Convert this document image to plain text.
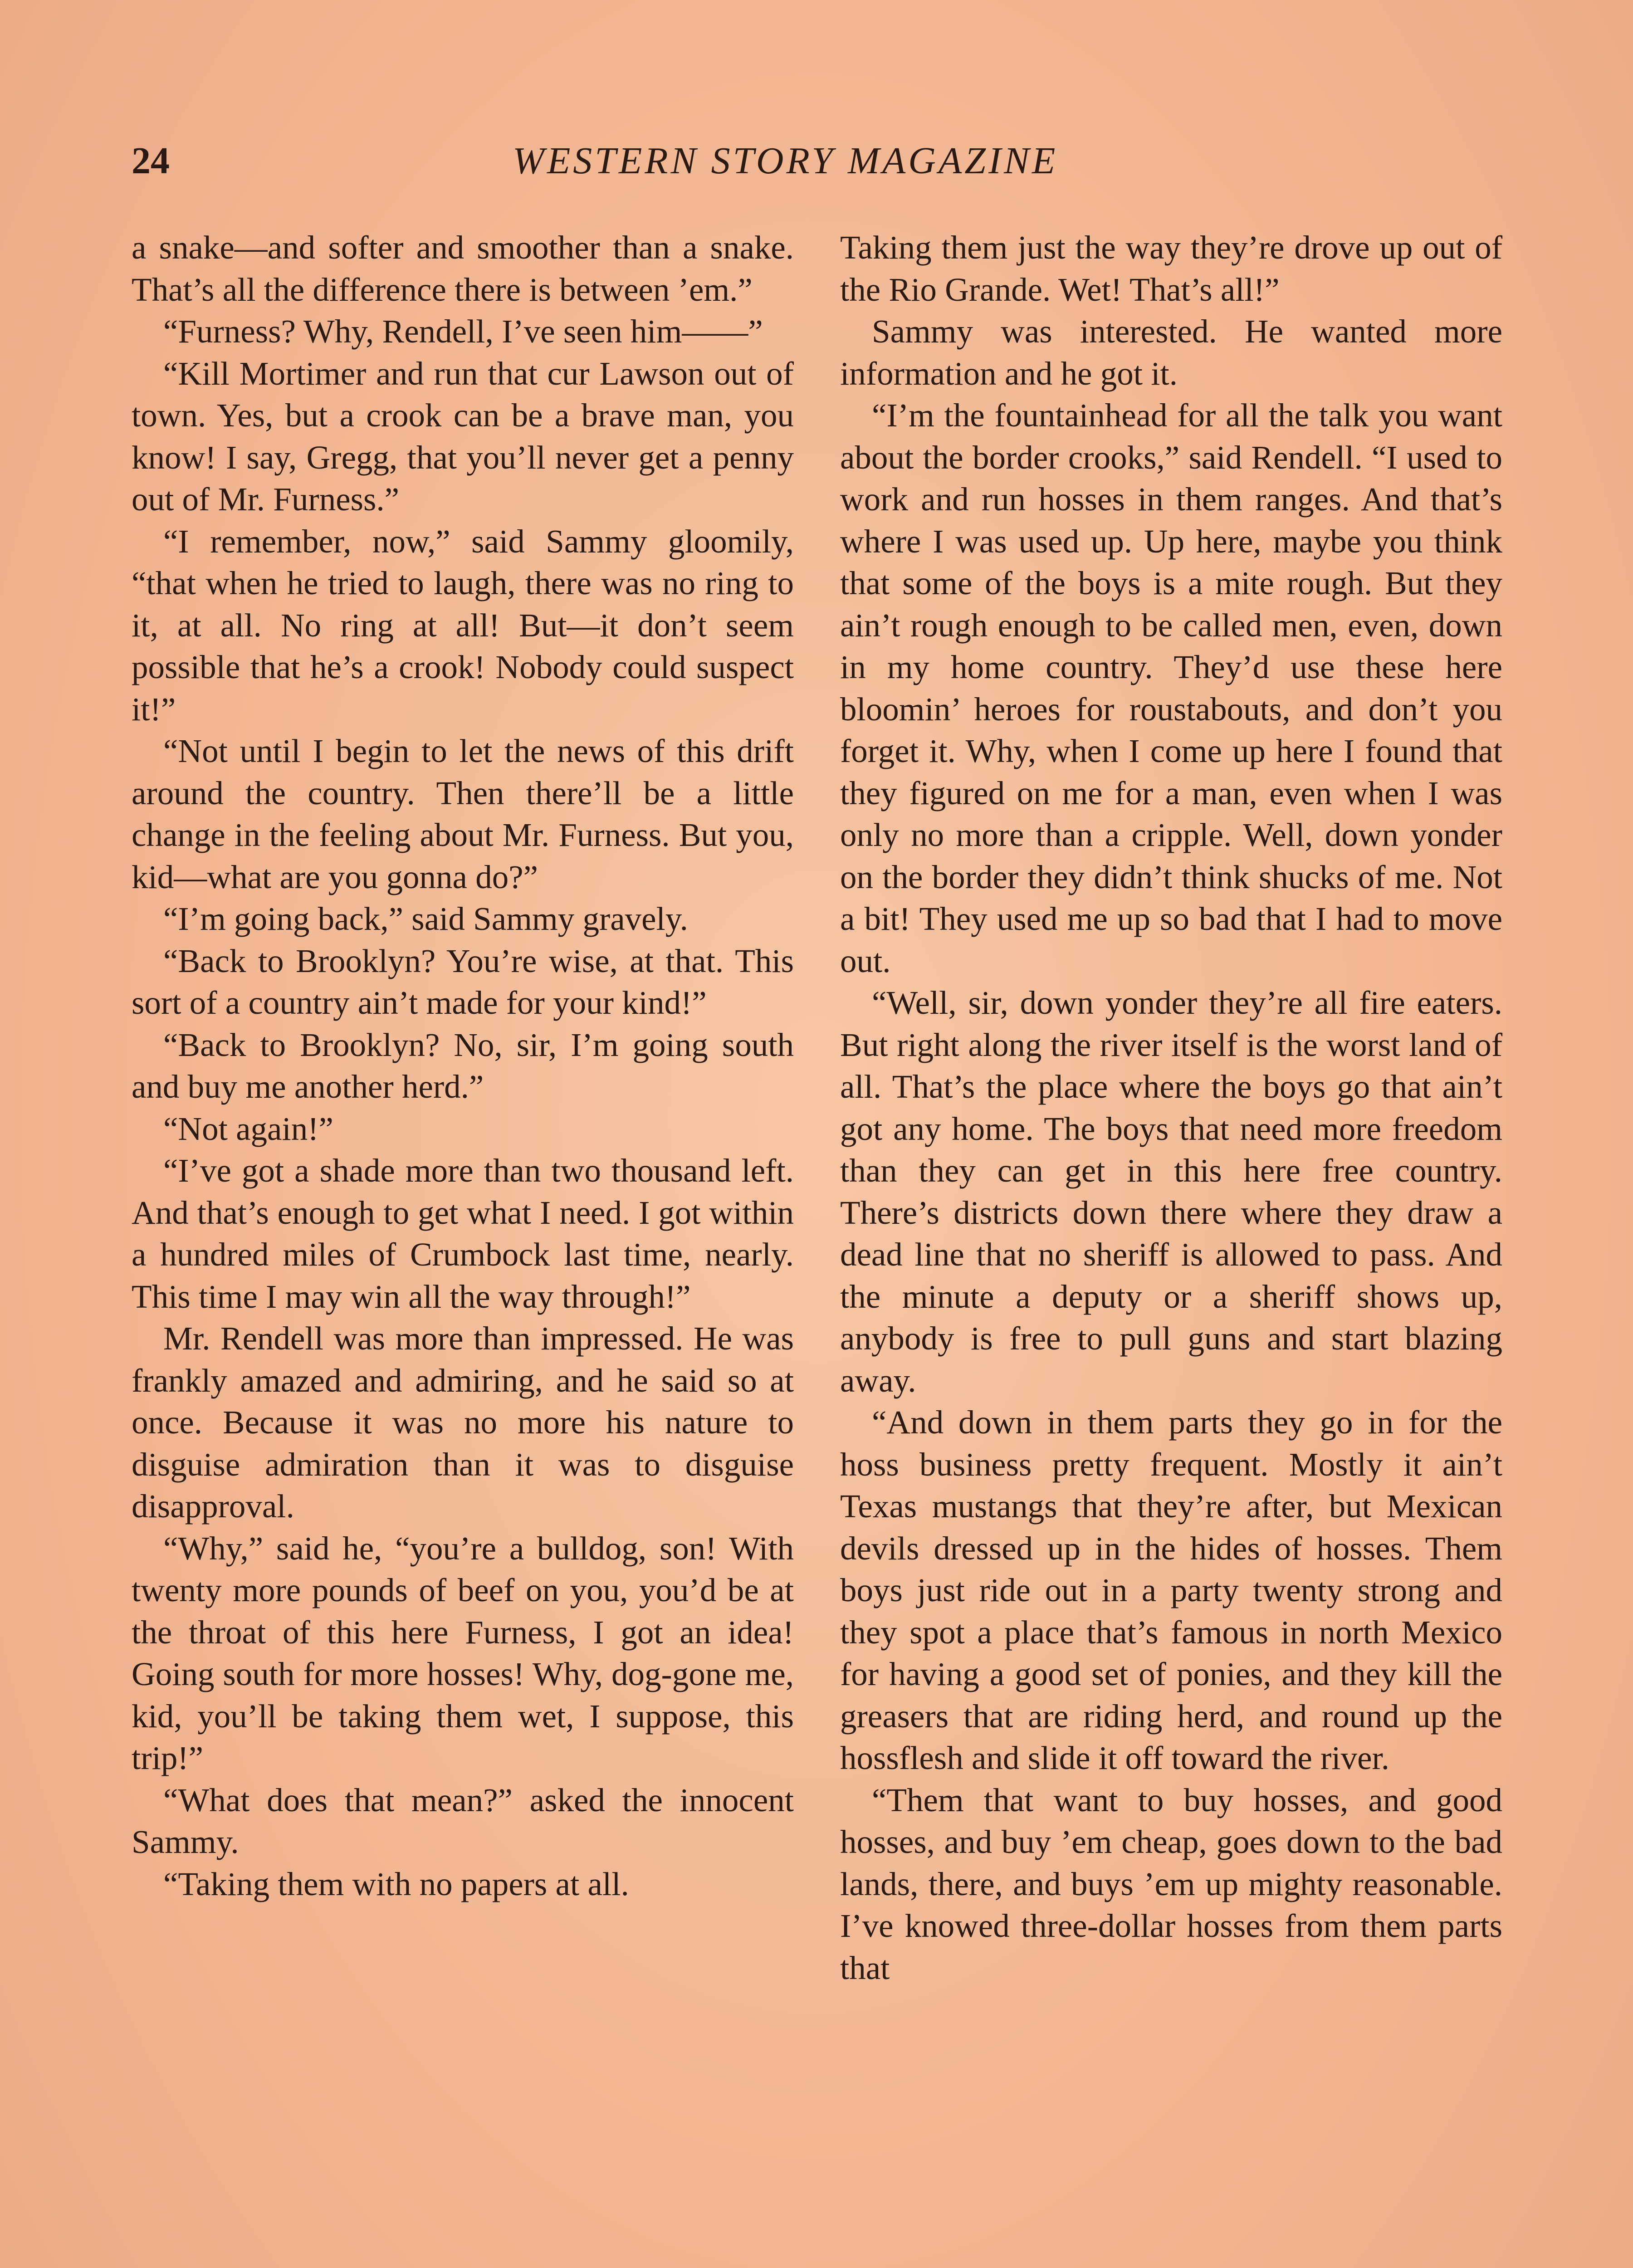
24	WESTERN STORY MAGAZINE

a snake—and softer and smoother than a snake. That’s all the difference there is between ’em.”

“Furness? Why, Rendell, I’ve seen him——”

“Kill Mortimer and run that cur Lawson out of town. Yes, but a crook can be a brave man, you know! I say, Gregg, that you’ll never get a penny out of Mr. Furness.”

“I remember, now,” said Sammy gloomily, “that when he tried to laugh, there was no ring to it, at all. No ring at all! But—it don’t seem possible that he’s a crook! Nobody could suspect it!”

“Not until I begin to let the news of this drift around the country. Then there’ll be a little change in the feeling about Mr. Furness. But you, kid—what are you gonna do?”

“I’m going back,” said Sammy gravely.

“Back to Brooklyn? You’re wise, at that. This sort of a country ain’t made for your kind!”

“Back to Brooklyn? No, sir, I’m going south and buy me another herd.”

“Not again!”

“I’ve got a shade more than two thousand left. And that’s enough to get what I need. I got within a hundred miles of Crumbock last time, nearly. This time I may win all the way through!”

Mr. Rendell was more than impressed. He was frankly amazed and admiring, and he said so at once. Because it was no more his nature to disguise admiration than it was to disguise disapproval.

“Why,” said he, “you’re a bulldog, son! With twenty more pounds of beef on you, you’d be at the throat of this here Furness, I got an idea! Going south for more hosses! Why, dog-gone me, kid, you’ll be taking them wet, I suppose, this trip!”

“What does that mean?” asked the innocent Sammy.

“Taking them with no papers at all.

Taking them just the way they’re drove up out of the Rio Grande. Wet! That’s all!”

Sammy was interested. He wanted more information and he got it.

“I’m the fountainhead for all the talk you want about the border crooks,” said Rendell. “I used to work and run hosses in them ranges. And that’s where I was used up. Up here, maybe you think that some of the boys is a mite rough. But they ain’t rough enough to be called men, even, down in my home country. They’d use these here bloomin’ heroes for roustabouts, and don’t you forget it. Why, when I come up here I found that they figured on me for a man, even when I was only no more than a cripple. Well, down yonder on the border they didn’t think shucks of me. Not a bit! They used me up so bad that I had to move out.

“Well, sir, down yonder they’re all fire eaters. But right along the river itself is the worst land of all. That’s the place where the boys go that ain’t got any home. The boys that need more freedom than they can get in this here free country. There’s districts down there where they draw a dead line that no sheriff is allowed to pass. And the minute a deputy or a sheriff shows up, anybody is free to pull guns and start blazing away.

“And down in them parts they go in for the hoss business pretty frequent. Mostly it ain’t Texas mustangs that they’re after, but Mexican devils dressed up in the hides of hosses. Them boys just ride out in a party twenty strong and they spot a place that’s famous in north Mexico for having a good set of ponies, and they kill the greasers that are riding herd, and round up the hossflesh and slide it off toward the river.

“Them that want to buy hosses, and good hosses, and buy ’em cheap, goes down to the bad lands, there, and buys ’em up mighty reasonable. I’ve knowed three-dollar hosses from them parts that
